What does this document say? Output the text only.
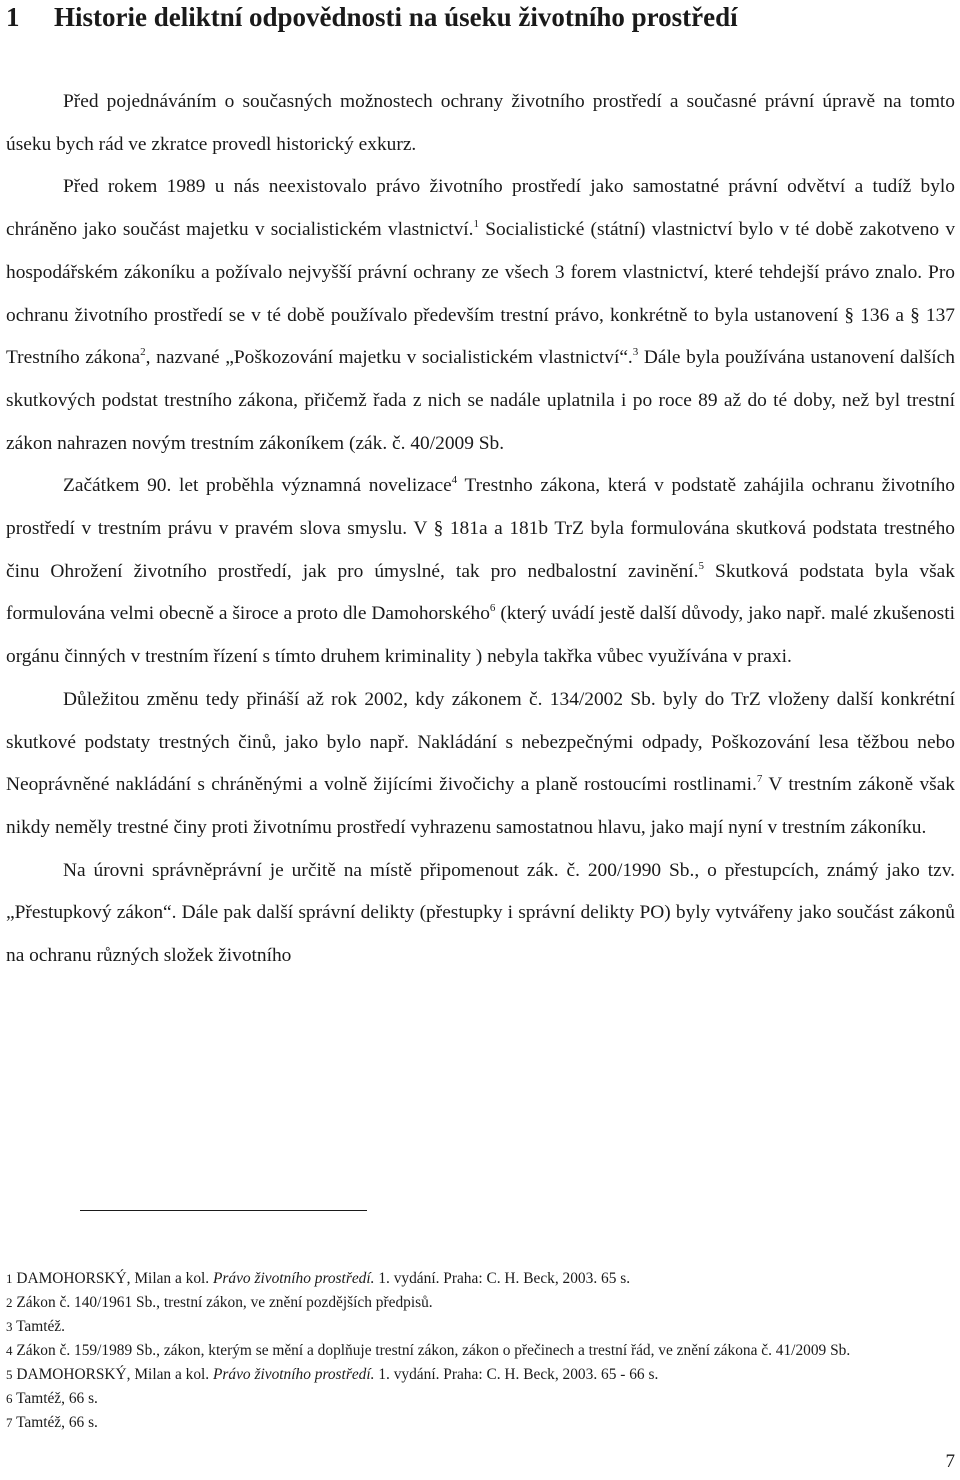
1 Historie deliktní odpovědnosti na úseku životního prostředí

Před pojednáváním o současných možnostech ochrany životního prostředí a současné právní úpravě na tomto úseku bych rád ve zkratce provedl historický exkurz.

Před rokem 1989 u nás neexistovalo právo životního prostředí jako samostatné právní odvětví a tudíž bylo chráněno jako součást majetku v socialistickém vlastnictví.$^1$ Socialistické (státní) vlastnictví bylo v té době zakotveno v hospodářském zákoníku a požívalo nejvyšší právní ochrany ze všech 3 forem vlastnictví, které tehdejší právo znalo. Pro ochranu životního prostředí se v té době používalo především trestní právo, konkrétně to byla ustanovení § 136 a § 137 Trestního zákona$^2$, nazvané „Poškozování majetku v socialistickém vlastnictví“.$^3$ Dále byla používána ustanovení dalších skutkových podstat trestního zákona, přičemž řada z nich se nadále uplatnila i po roce 89 až do té doby, než byl trestní zákon nahrazen novým trestním zákoníkem (zák. č. 40/2009 Sb.

Začátkem 90. let proběhla významná novelizace$^4$ Trestnho zákona, která v podstatě zahájila ochranu životního prostředí v trestním právu v pravém slova smyslu. V § 181a a 181b TrZ byla formulována skutková podstata trestného činu Ohrožení životního prostředí, jak pro úmyslné, tak pro nedbalostní zavinění.$^5$ Skutková podstata byla však formulována velmi obecně a široce a proto dle Damohorského$^6$ (který uvádí jestě další důvody, jako např. malé zkušenosti orgánu činných v trestním řízení s tímto druhem kriminality ) nebyla takřka vůbec využívána v praxi.

Důležitou změnu tedy přináší až rok 2002, kdy zákonem č. 134/2002 Sb. byly do TrZ vloženy další konkrétní skutkové podstaty trestných činů, jako bylo např. Nakládání s nebezpečnými odpady, Poškozování lesa těžbou nebo Neoprávněné nakládání s chráněnými a volně žijícími živočichy a planě rostoucími rostlinami.$^7$ V trestním zákoně však nikdy neměly trestné činy proti životnímu prostředí vyhrazenu samostatnou hlavu, jako mají nyní v trestním zákoníku.

Na úrovni správněprávní je určitě na místě připomenout zák. č. 200/1990 Sb., o přestupcích, známý jako tzv. „Přestupkový zákon“. Dále pak další správní delikty (přestupky i správní delikty PO) byly vytvářeny jako součást zákonů na ochranu různých složek životního

1 DAMOHORSKÝ, Milan a kol. Právo životního prostředí. 1. vydání. Praha: C. H. Beck, 2003. 65 s.
2 Zákon č. 140/1961 Sb., trestní zákon, ve znění pozdějších předpisů.
3 Tamtéž.
4 Zákon č. 159/1989 Sb., zákon, kterým se mění a doplňuje trestní zákon, zákon o přečinech a trestní řád, ve znění zákona č. 41/2009 Sb.
5 DAMOHORSKÝ, Milan a kol. Právo životního prostředí. 1. vydání. Praha: C. H. Beck, 2003. 65 - 66 s.
6 Tamtéž, 66 s.
7 Tamtéž, 66 s.
7
